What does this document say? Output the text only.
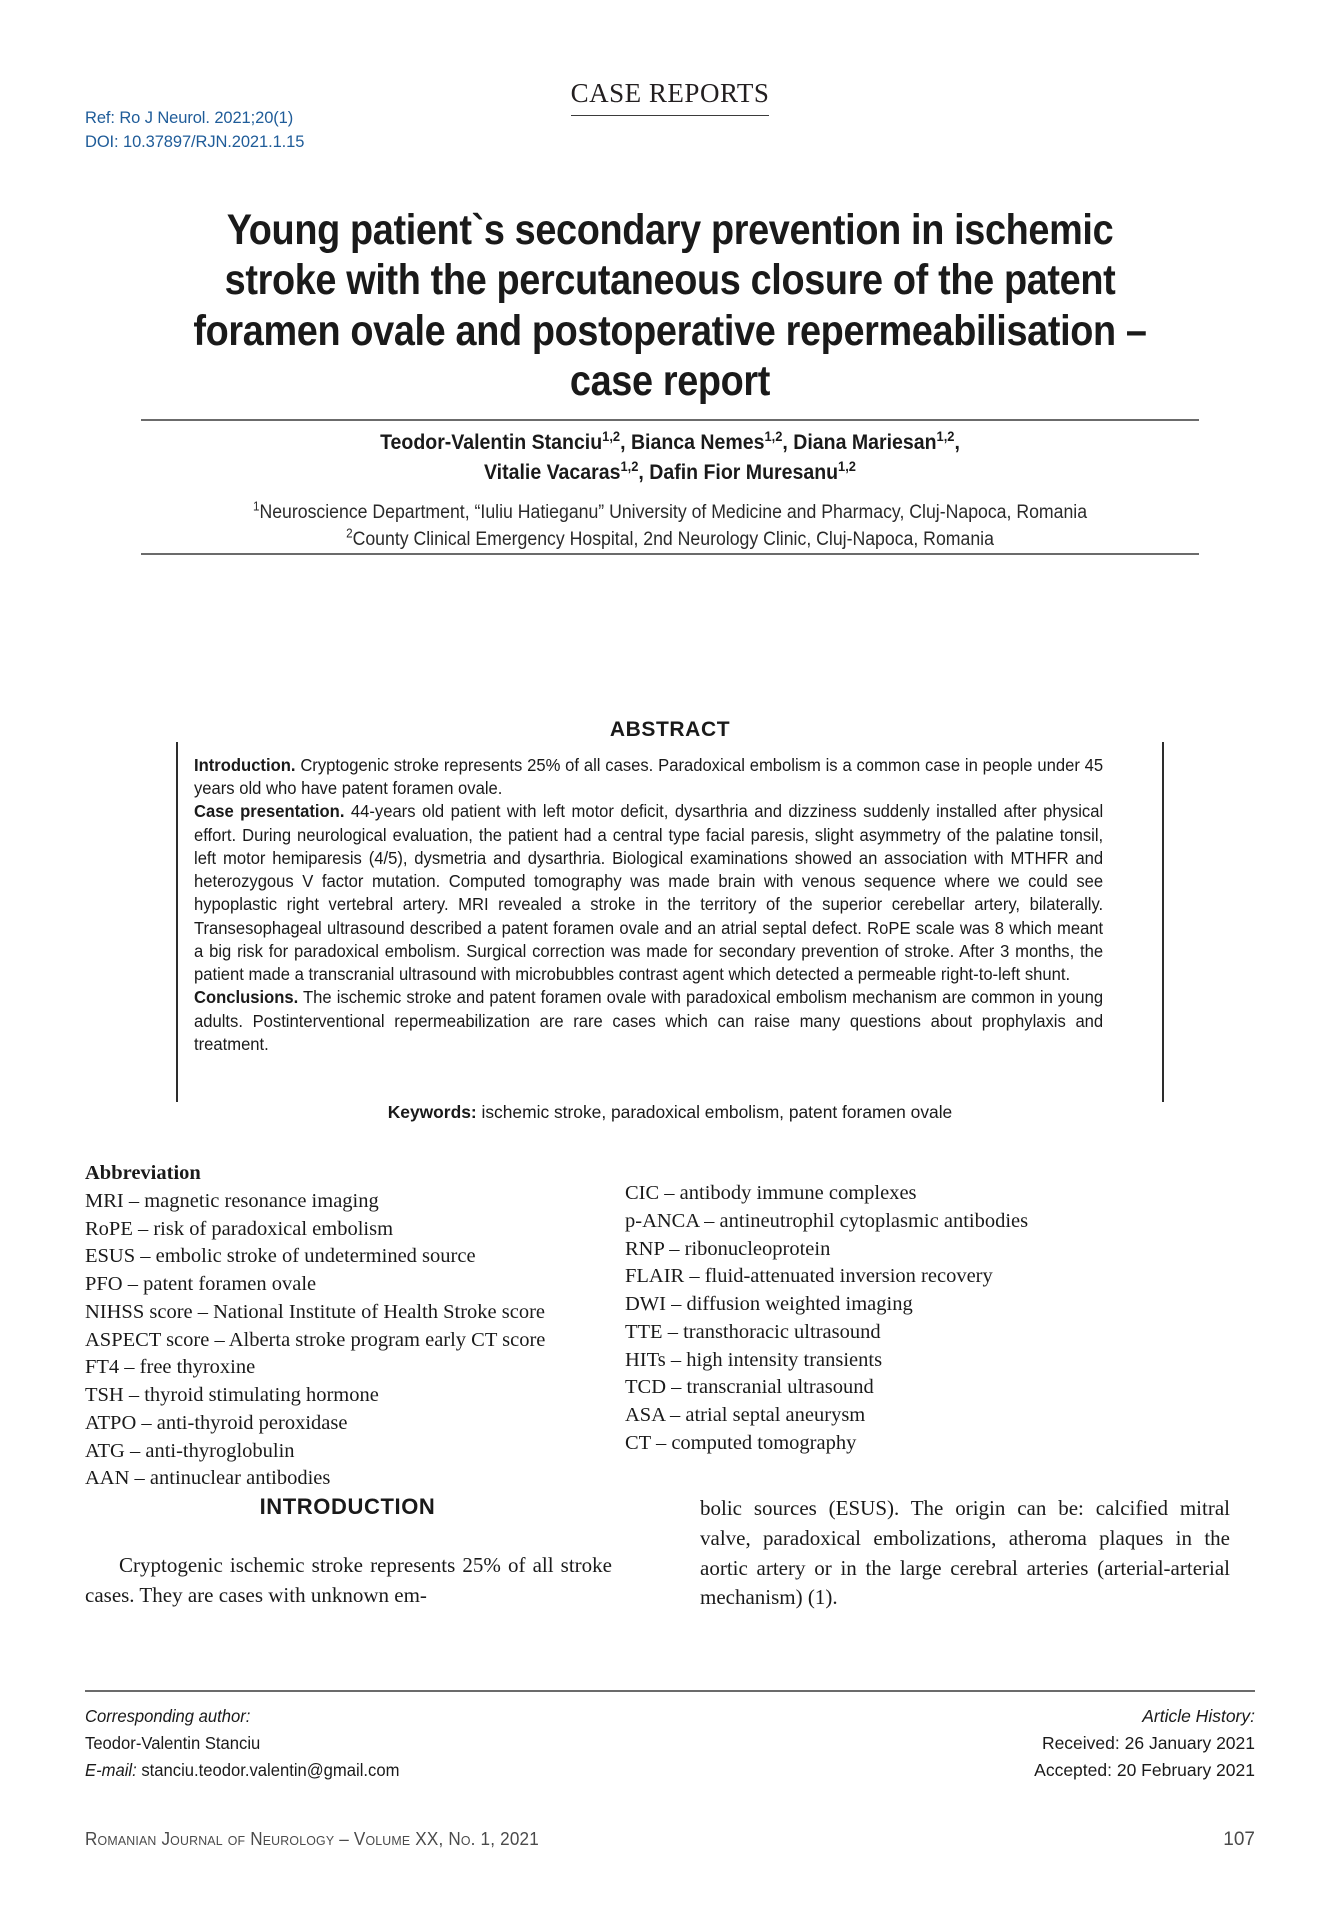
CASE REPORTS
Ref: Ro J Neurol. 2021;20(1)
DOI: 10.37897/RJN.2021.1.15
Young patient`s secondary prevention in ischemic stroke with the percutaneous closure of the patent foramen ovale and postoperative repermeabilisation – case report
Teodor-Valentin Stanciu$^{1,2}$, Bianca Nemes$^{1,2}$, Diana Mariesan$^{1,2}$,
Vitalie Vacaras$^{1,2}$, Dafin Fior Muresanu$^{1,2}$
$^1$Neuroscience Department, “Iuliu Hatieganu” University of Medicine and Pharmacy, Cluj-Napoca, Romania
$^2$County Clinical Emergency Hospital, 2nd Neurology Clinic, Cluj-Napoca, Romania
ABSTRACT

Introduction. Cryptogenic stroke represents 25% of all cases. Paradoxical embolism is a common case in people under 45 years old who have patent foramen ovale.

Case presentation. 44-years old patient with left motor deficit, dysarthria and dizziness suddenly installed after physical effort. During neurological evaluation, the patient had a central type facial paresis, slight asymmetry of the palatine tonsil, left motor hemiparesis (4/5), dysmetria and dysarthria. Biological examinations showed an association with MTHFR and heterozygous V factor mutation. Computed tomography was made brain with venous sequence where we could see hypoplastic right vertebral artery. MRI revealed a stroke in the territory of the superior cerebellar artery, bilaterally. Transesophageal ultrasound described a patent foramen ovale and an atrial septal defect. RoPE scale was 8 which meant a big risk for paradoxical embolism. Surgical correction was made for secondary prevention of stroke. After 3 months, the patient made a transcranial ultrasound with microbubbles contrast agent which detected a permeable right-to-left shunt.

Conclusions. The ischemic stroke and patent foramen ovale with paradoxical embolism mechanism are common in young adults. Postinterventional repermeabilization are rare cases which can raise many questions about prophylaxis and treatment.

Keywords: ischemic stroke, paradoxical embolism, patent foramen ovale
Abbreviation
MRI – magnetic resonance imaging
RoPE – risk of paradoxical embolism
ESUS – embolic stroke of undetermined source
PFO – patent foramen ovale
NIHSS score – National Institute of Health Stroke score
ASPECT score – Alberta stroke program early CT score
FT4 – free thyroxine
TSH – thyroid stimulating hormone
ATPO – anti-thyroid peroxidase
ATG – anti-thyroglobulin
AAN – antinuclear antibodies
CIC – antibody immune complexes
p-ANCA – antineutrophil cytoplasmic antibodies
RNP – ribonucleoprotein
FLAIR – fluid-attenuated inversion recovery
DWI – diffusion weighted imaging
TTE – transthoracic ultrasound
HITs – high intensity transients
TCD – transcranial ultrasound
ASA – atrial septal aneurysm
CT – computed tomography
INTRODUCTION
Cryptogenic ischemic stroke represents 25% of all stroke cases. They are cases with unknown em-
bolic sources (ESUS). The origin can be: calcified mitral valve, paradoxical embolizations, atheroma plaques in the aortic artery or in the large cerebral arteries (arterial-arterial mechanism) (1).
Corresponding author:
Teodor-Valentin Stanciu
E-mail: stanciu.teodor.valentin@gmail.com
Article History:
Received: 26 January 2021
Accepted: 20 February 2021
Romanian Journal of Neurology – Volume XX, No. 1, 2021	107
